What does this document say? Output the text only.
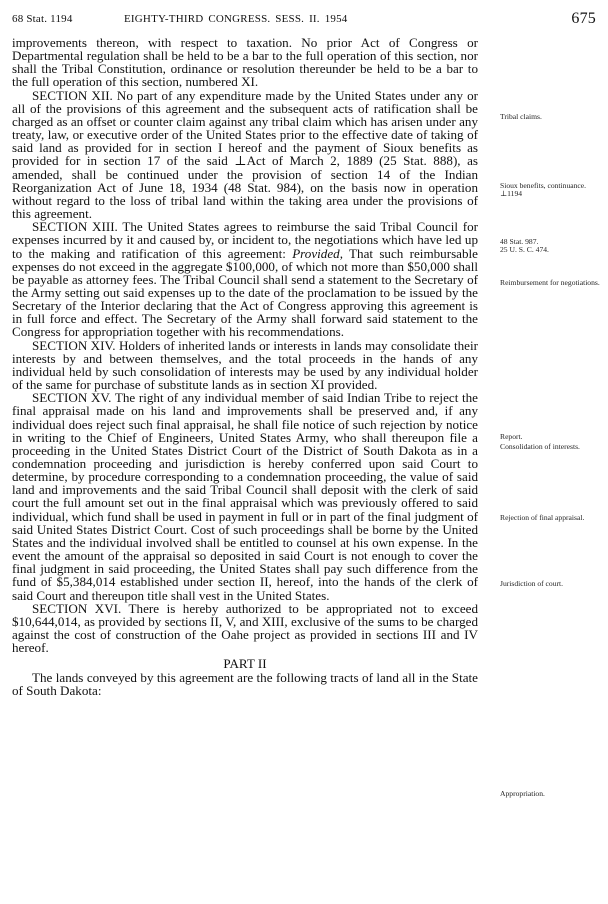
68 Stat. 1194	EIGHTY-THIRD CONGRESS. SESS. II. 1954	675

improvements thereon, with respect to taxation. No prior Act of Congress or Departmental regulation shall be held to be a bar to the full operation of this section, nor shall the Tribal Constitution, ordinance or resolution thereunder be held to be a bar to the full operation of this section, numbered XI.

SECTION XII. No part of any expenditure made by the United States under any or all of the provisions of this agreement and the subsequent acts of ratification shall be charged as an offset or counter claim against any tribal claim which has arisen under any treaty, law, or executive order of the United States prior to the effective date of taking of said land as provided for in section I hereof and the payment of Sioux benefits as provided for in section 17 of the said ⊥Act of March 2, 1889 (25 Stat. 888), as amended, shall be continued under the provision of section 14 of the Indian Reorganization Act of June 18, 1934 (48 Stat. 984), on the basis now in operation without regard to the loss of tribal land within the taking area under the provisions of this agreement.

SECTION XIII. The United States agrees to reimburse the said Tribal Council for expenses incurred by it and caused by, or incident to, the negotiations which have led up to the making and ratification of this agreement: Provided, That such reimbursable expenses do not exceed in the aggregate $100,000, of which not more than $50,000 shall be payable as attorney fees. The Tribal Council shall send a statement to the Secretary of the Army setting out said expenses up to the date of the proclamation to be issued by the Secretary of the Interior declaring that the Act of Congress approving this agreement is in full force and effect. The Secretary of the Army shall forward said statement to the Congress for appropriation together with his recommendations.

SECTION XIV. Holders of inherited lands or interests in lands may consolidate their interests by and between themselves, and the total proceeds in the hands of any individual held by such consolidation of interests may be used by any individual holder of the same for purchase of substitute lands as in section XI provided.

SECTION XV. The right of any individual member of said Indian Tribe to reject the final appraisal made on his land and improvements shall be preserved and, if any individual does reject such final appraisal, he shall file notice of such rejection by notice in writing to the Chief of Engineers, United States Army, who shall thereupon file a proceeding in the United States District Court of the District of South Dakota as in a condemnation proceeding and jurisdiction is hereby conferred upon said Court to determine, by procedure corresponding to a condemnation proceeding, the value of said land and improvements and the said Tribal Council shall deposit with the clerk of said court the full amount set out in the final appraisal which was previously offered to said individual, which fund shall be used in payment in full or in part of the final judgment of said United States District Court. Cost of such proceedings shall be borne by the United States and the individual involved shall be entitled to counsel at his own expense. In the event the amount of the appraisal so deposited in said Court is not enough to cover the final judgment in said proceeding, the United States shall pay such difference from the fund of $5,384,014 established under section II, hereof, into the hands of the clerk of said Court and thereupon title shall vest in the United States.

SECTION XVI. There is hereby authorized to be appropriated not to exceed $10,644,014, as provided by sections II, V, and XIII, exclusive of the sums to be charged against the cost of construction of the Oahe project as provided in sections III and IV hereof.

PART II

The lands conveyed by this agreement are the following tracts of land all in the State of South Dakota:

Tribal claims.
Sioux benefits, continuance.
⊥1194
48 Stat. 987.
25 U. S. C. 474.
Reimbursement for negotiations.
Report.
Consolidation of interests.
Rejection of final appraisal.
Jurisdiction of court.
Appropriation.
